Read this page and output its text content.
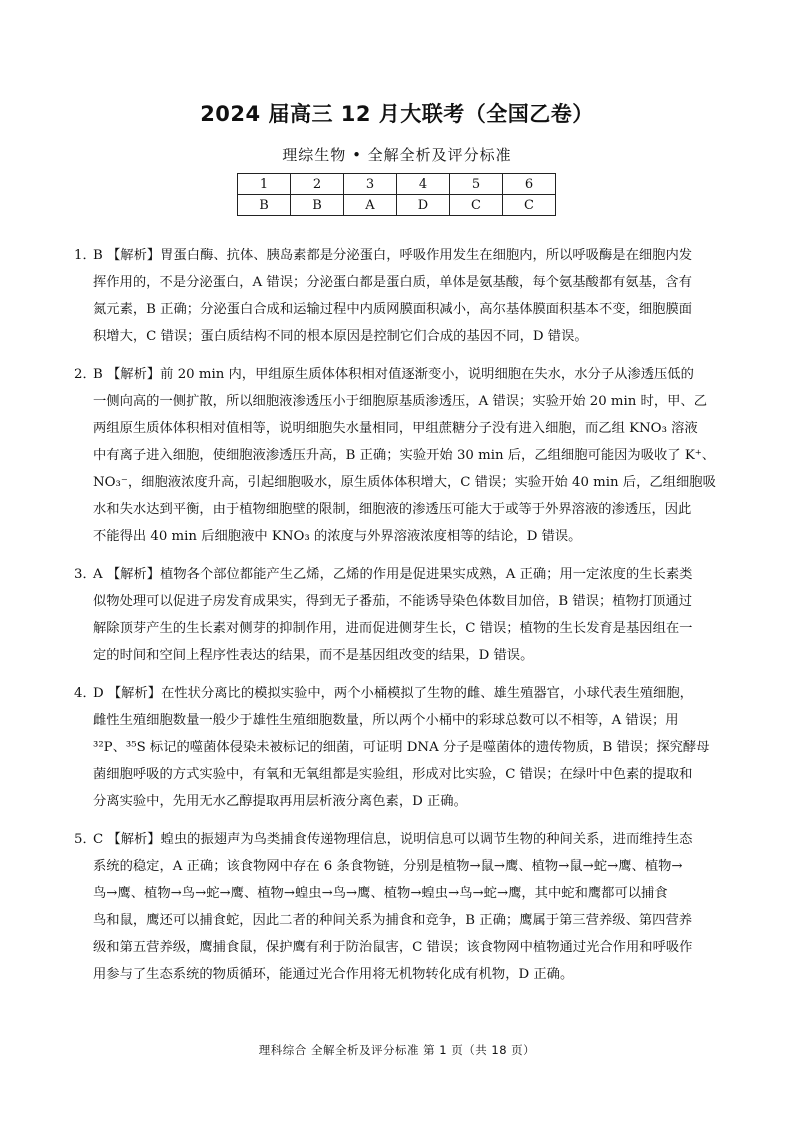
2024 届高三 12 月大联考（全国乙卷）
理综生物 • 全解全析及评分标准
1	2	3	4	5	6
B	B	A	D	C	C
1．
B 【解析】胃蛋白酶、抗体、胰岛素都是分泌蛋白，呼吸作用发生在细胞内，所以呼吸酶是在细胞内发
挥作用的，不是分泌蛋白，A 错误；分泌蛋白都是蛋白质，单体是氨基酸，每个氨基酸都有氨基，含有
氮元素，B 正确；分泌蛋白合成和运输过程中内质网膜面积减小，高尔基体膜面积基本不变，细胞膜面
积增大，C 错误；蛋白质结构不同的根本原因是控制它们合成的基因不同，D 错误。
2．
B 【解析】前 20 min 内，甲组原生质体体积相对值逐渐变小，说明细胞在失水，水分子从渗透压低的
一侧向高的一侧扩散，所以细胞液渗透压小于细胞原基质渗透压，A 错误；实验开始 20 min 时，甲、乙
两组原生质体体积相对值相等，说明细胞失水量相同，甲组蔗糖分子没有进入细胞，而乙组 KNO₃ 溶液
中有离子进入细胞，使细胞液渗透压升高，B 正确；实验开始 30 min 后，乙组细胞可能因为吸收了 K⁺、
NO₃⁻，细胞液浓度升高，引起细胞吸水，原生质体体积增大，C 错误；实验开始 40 min 后，乙组细胞吸
水和失水达到平衡，由于植物细胞壁的限制，细胞液的渗透压可能大于或等于外界溶液的渗透压，因此
不能得出 40 min 后细胞液中 KNO₃ 的浓度与外界溶液浓度相等的结论，D 错误。
3．
A 【解析】植物各个部位都能产生乙烯，乙烯的作用是促进果实成熟，A 正确；用一定浓度的生长素类
似物处理可以促进子房发育成果实，得到无子番茄，不能诱导染色体数目加倍，B 错误；植物打顶通过
解除顶芽产生的生长素对侧芽的抑制作用，进而促进侧芽生长，C 错误；植物的生长发育是基因组在一
定的时间和空间上程序性表达的结果，而不是基因组改变的结果，D 错误。
4．
D 【解析】在性状分离比的模拟实验中，两个小桶模拟了生物的雌、雄生殖器官，小球代表生殖细胞，
雌性生殖细胞数量一般少于雄性生殖细胞数量，所以两个小桶中的彩球总数可以不相等，A 错误；用
³²P、³⁵S 标记的噬菌体侵染未被标记的细菌，可证明 DNA 分子是噬菌体的遗传物质，B 错误；探究酵母
菌细胞呼吸的方式实验中，有氧和无氧组都是实验组，形成对比实验，C 错误；在绿叶中色素的提取和
分离实验中，先用无水乙醇提取再用层析液分离色素，D 正确。
5．
C 【解析】蝗虫的振翅声为鸟类捕食传递物理信息，说明信息可以调节生物的种间关系，进而维持生态
系统的稳定，A 正确；该食物网中存在 6 条食物链，分别是植物→鼠→鹰、植物→鼠→蛇→鹰、植物→
鸟→鹰、植物→鸟→蛇→鹰、植物→蝗虫→鸟→鹰、植物→蝗虫→鸟→蛇→鹰，其中蛇和鹰都可以捕食
鸟和鼠，鹰还可以捕食蛇，因此二者的种间关系为捕食和竞争，B 正确；鹰属于第三营养级、第四营养
级和第五营养级，鹰捕食鼠，保护鹰有利于防治鼠害，C 错误；该食物网中植物通过光合作用和呼吸作
用参与了生态系统的物质循环，能通过光合作用将无机物转化成有机物，D 正确。
理科综合 全解全析及评分标准 第 1 页（共 18 页）
